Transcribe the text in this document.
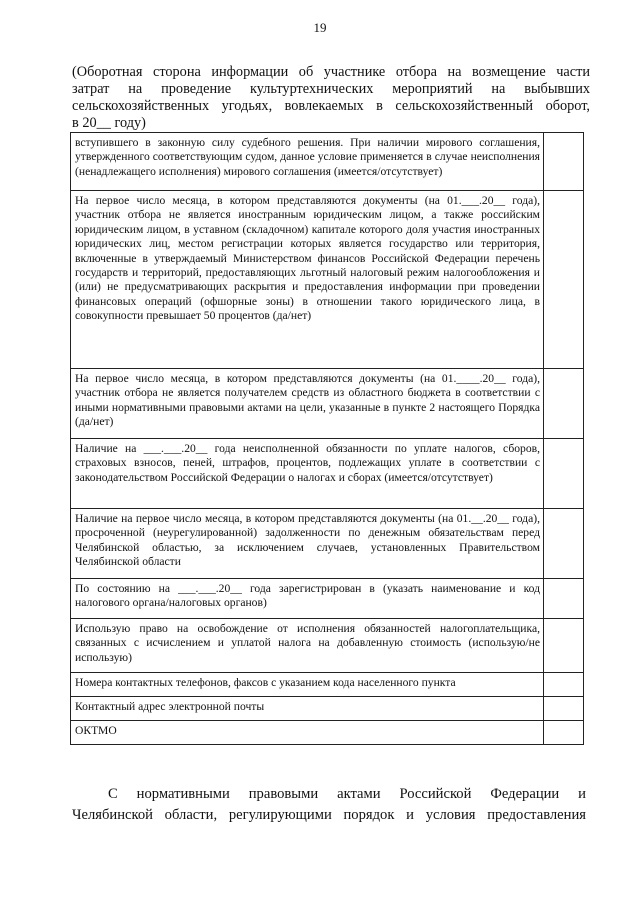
19
(Оборотная сторона информации об участнике отбора на возмещение части
затрат на проведение культуртехнических мероприятий на выбывших
сельскохозяйственных угодьях, вовлекаемых в сельскохозяйственный оборот,
в 20__ году)
вступившего в законную силу судебного решения. При наличии мирового соглашения, утвержденного соответствующим судом, данное условие применяется в случае неисполнения (ненадлежащего исполнения) мирового соглашения (имеется/отсутствует)	
На первое число месяца, в котором представляются документы (на 01.___.20__ года), участник отбора не является иностранным юридическим лицом, а также российским юридическим лицом, в уставном (складочном) капитале которого доля участия иностранных юридических лиц, местом регистрации которых является государство или территория, включенные в утверждаемый Министерством финансов Российской Федерации перечень государств и территорий, предоставляющих льготный налоговый режим налогообложения и (или) не предусматривающих раскрытия и предоставления информации при проведении финансовых операций (офшорные зоны) в отношении такого юридического лица, в совокупности превышает 50 процентов (да/нет)	
На первое число месяца, в котором представляются документы (на 01.____.20__ года), участник отбора не является получателем средств из областного бюджета в соответствии с иными нормативными правовыми актами на цели, указанные в пункте 2 настоящего Порядка (да/нет)	
Наличие на ___.___.20__ года неисполненной обязанности по уплате налогов, сборов, страховых взносов, пеней, штрафов, процентов, подлежащих уплате в соответствии с законодательством Российской Федерации о налогах и сборах (имеется/отсутствует)	
Наличие на первое число месяца, в котором представляются документы (на 01.__.20__ года), просроченной (неурегулированной) задолженности по денежным обязательствам перед Челябинской областью, за исключением случаев, установленных Правительством Челябинской области	
По состоянию на ___.___.20__ года зарегистрирован в (указать наименование и код налогового органа/налоговых органов)	
Использую право на освобождение от исполнения обязанностей налогоплательщика, связанных с исчислением и уплатой налога на добавленную стоимость (использую/не использую)	
Номера контактных телефонов, факсов с указанием кода населенного пункта	
Контактный адрес электронной почты	
ОКТМО	
С нормативными правовыми актами Российской Федерации и
Челябинской области, регулирующими порядок и условия предоставления
